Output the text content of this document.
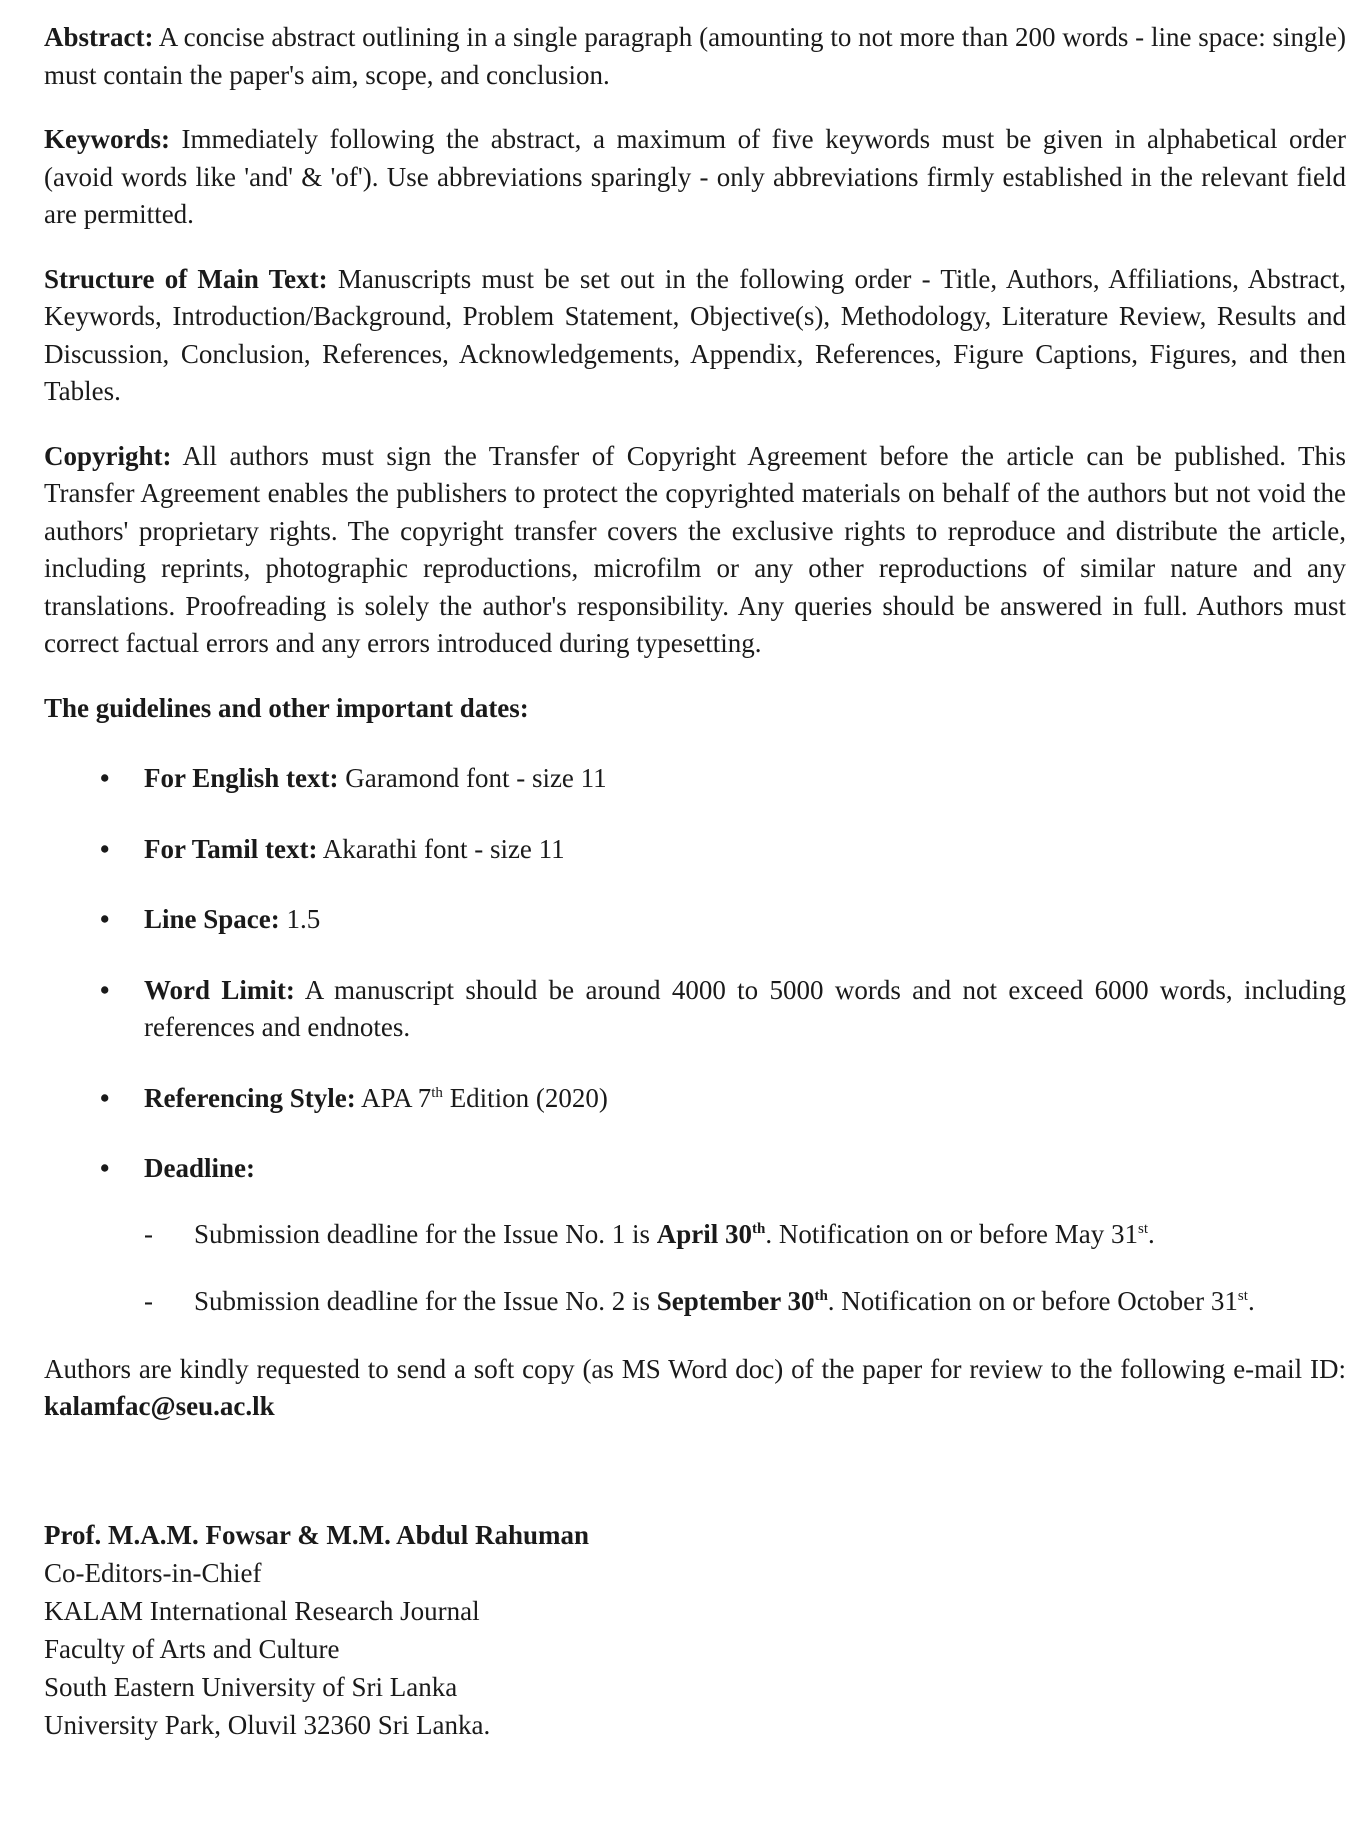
Abstract: A concise abstract outlining in a single paragraph (amounting to not more than 200 words - line space: single) must contain the paper's aim, scope, and conclusion.

Keywords: Immediately following the abstract, a maximum of five keywords must be given in alphabetical order (avoid words like 'and' & 'of'). Use abbreviations sparingly - only abbreviations firmly established in the relevant field are permitted.

Structure of Main Text: Manuscripts must be set out in the following order - Title, Authors, Affiliations, Abstract, Keywords, Introduction/Background, Problem Statement, Objective(s), Methodology, Literature Review, Results and Discussion, Conclusion, References, Acknowledgements, Appendix, References, Figure Captions, Figures, and then Tables.

Copyright: All authors must sign the Transfer of Copyright Agreement before the article can be published. This Transfer Agreement enables the publishers to protect the copyrighted materials on behalf of the authors but not void the authors' proprietary rights. The copyright transfer covers the exclusive rights to reproduce and distribute the article, including reprints, photographic reproductions, microfilm or any other reproductions of similar nature and any translations. Proofreading is solely the author's responsibility. Any queries should be answered in full. Authors must correct factual errors and any errors introduced during typesetting.

The guidelines and other important dates:

• For English text: Garamond font - size 11
• For Tamil text: Akarathi font - size 11
• Line Space: 1.5
• Word Limit: A manuscript should be around 4000 to 5000 words and not exceed 6000 words, including references and endnotes.
• Referencing Style: APA 7th Edition (2020)
• Deadline:
- Submission deadline for the Issue No. 1 is April 30th. Notification on or before May 31st.
- Submission deadline for the Issue No. 2 is September 30th. Notification on or before October 31st.

Authors are kindly requested to send a soft copy (as MS Word doc) of the paper for review to the following e-mail ID: kalamfac@seu.ac.lk

Prof. M.A.M. Fowsar & M.M. Abdul Rahuman
Co-Editors-in-Chief
KALAM International Research Journal
Faculty of Arts and Culture
South Eastern University of Sri Lanka
University Park, Oluvil 32360 Sri Lanka.
